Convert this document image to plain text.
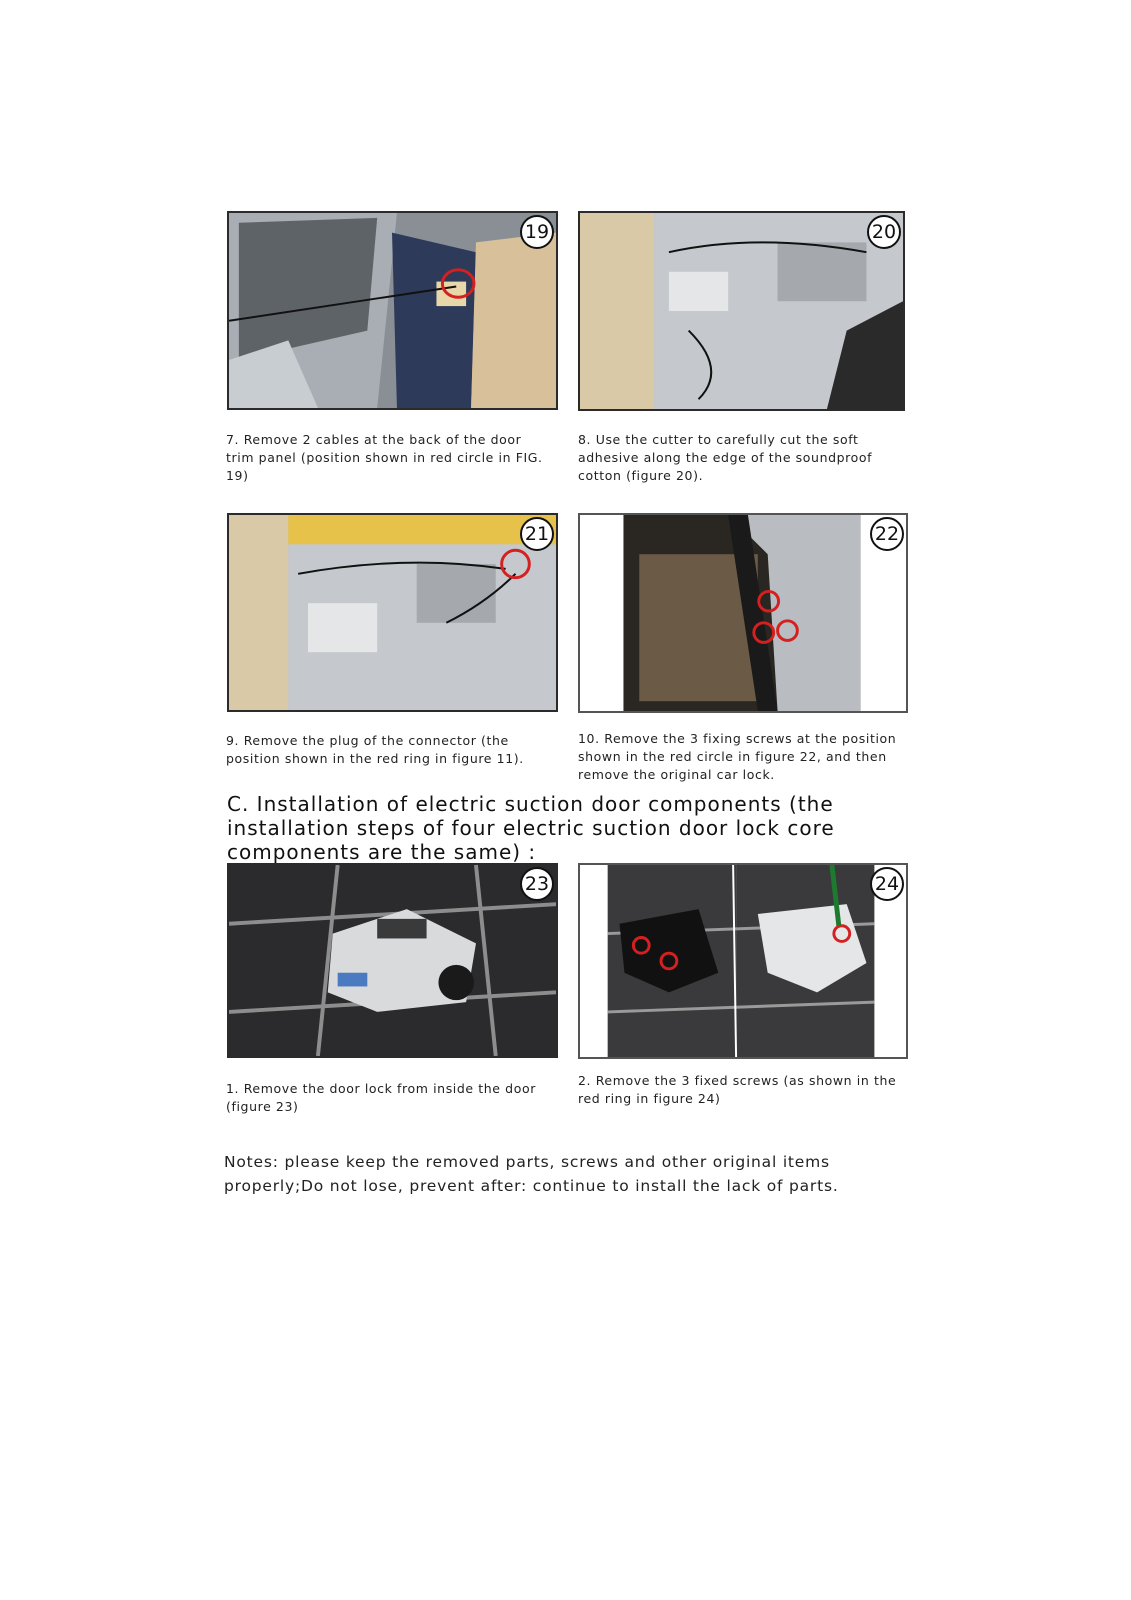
19	20
7. Remove 2 cables at the back of the door trim panel (position shown in red circle in FIG. 19)
8. Use the cutter to carefully cut the soft adhesive along the edge of the soundproof cotton (figure 20).
21	22
9. Remove the plug of the connector (the position shown in the red ring in figure 11).
10. Remove the 3 fixing screws at the position shown in the red circle in figure 22, and then remove the original car lock.
C. Installation of electric suction door components (the installation steps of four electric suction door lock core components are the same) :
23	24
1. Remove the door lock from inside the door (figure 23)
2. Remove the 3 fixed screws (as shown in the red ring in figure 24)
Notes: please keep the removed parts, screws and other original items properly;Do not lose, prevent after: continue to install the lack of parts.
